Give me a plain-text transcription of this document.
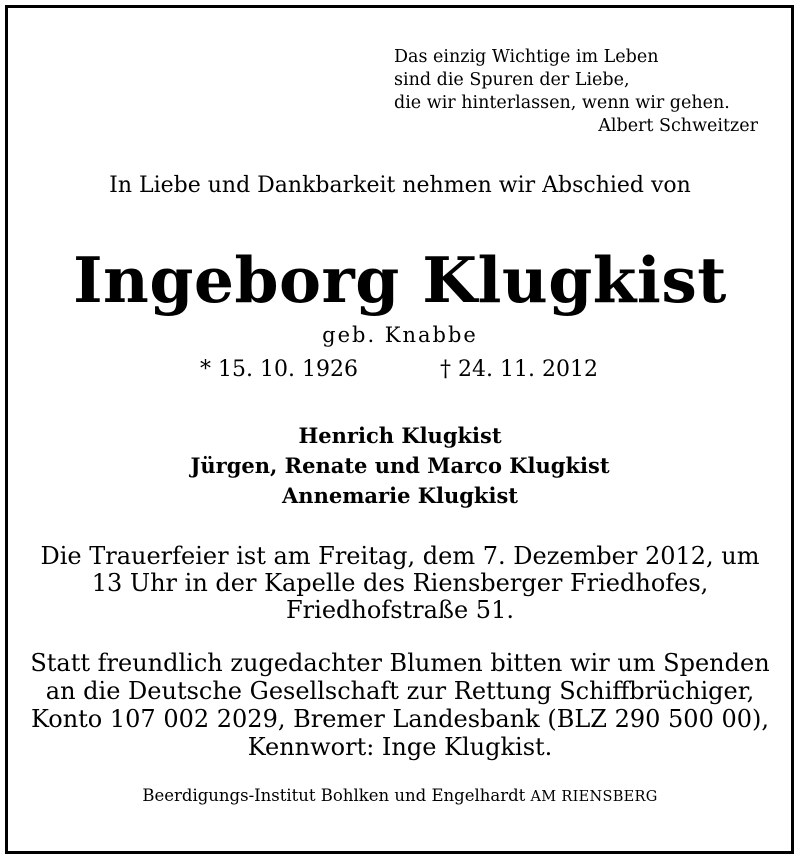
Das einzig Wichtige im Leben
sind die Spuren der Liebe,
die wir hinterlassen, wenn wir gehen.
Albert Schweitzer
In Liebe und Dankbarkeit nehmen wir Abschied von
Ingeborg Klugkist
geb. Knabbe
* 15. 10. 1926	† 24. 11. 2012
Henrich Klugkist
Jürgen, Renate und Marco Klugkist
Annemarie Klugkist
Die Trauerfeier ist am Freitag, dem 7. Dezember 2012, um
13 Uhr in der Kapelle des Riensberger Friedhofes,
Friedhofstraße 51.
Statt freundlich zugedachter Blumen bitten wir um Spenden
an die Deutsche Gesellschaft zur Rettung Schiffbrüchiger,
Konto 107 002 2029, Bremer Landesbank (BLZ 290 500 00),
Kennwort: Inge Klugkist.
Beerdigungs-Institut Bohlken und Engelhardt AM RIENSBERG
